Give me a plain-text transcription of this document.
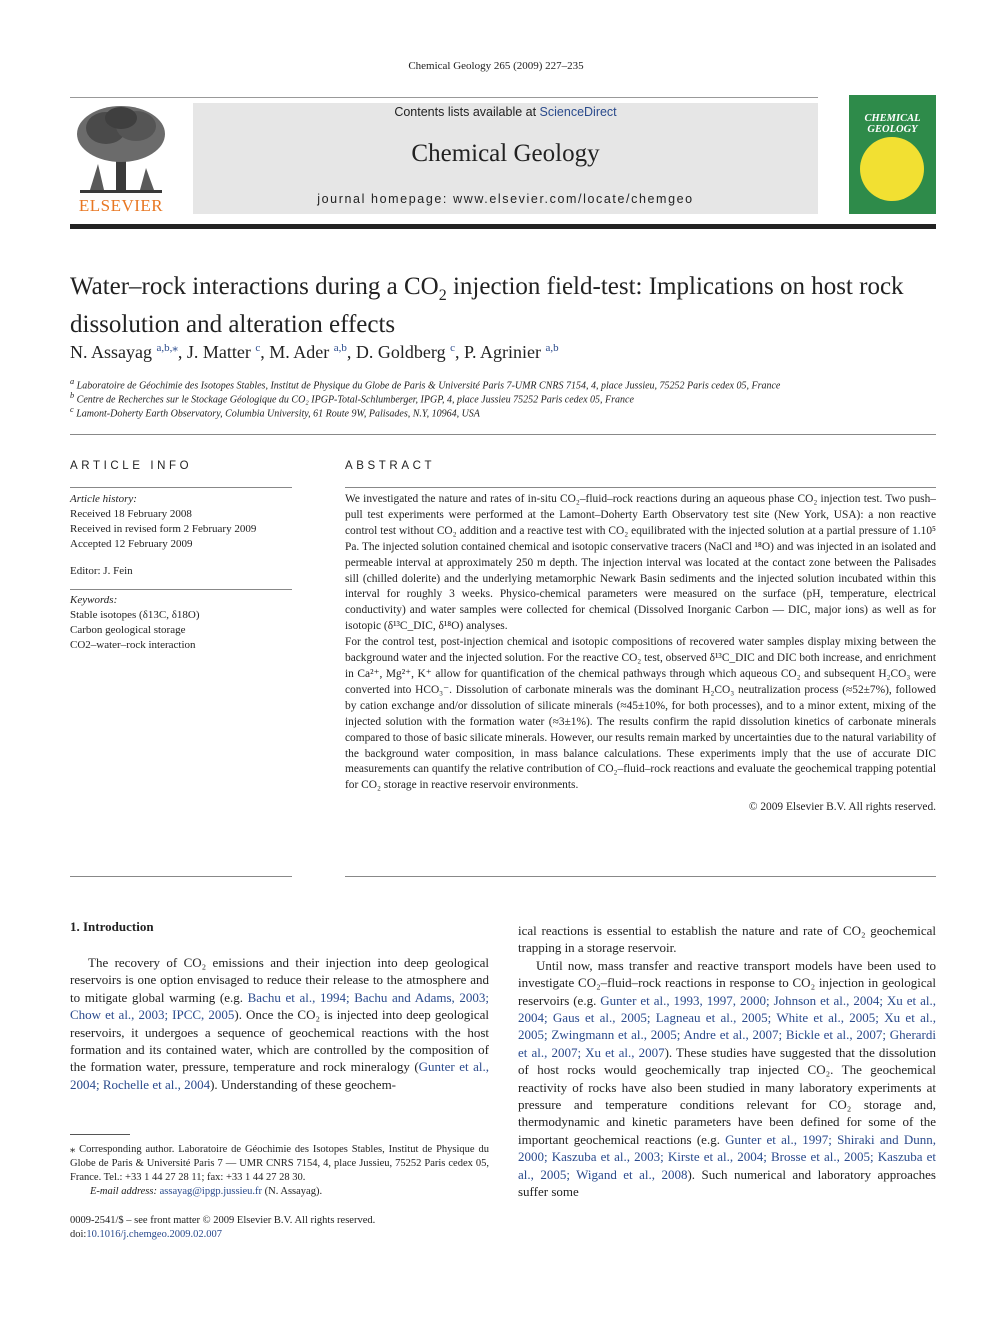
Chemical Geology 265 (2009) 227–235
ELSEVIER
Contents lists available at ScienceDirect
Chemical Geology
journal homepage: www.elsevier.com/locate/chemgeo
CHEMICAL
GEOLOGY
Water–rock interactions during a $CO_2$ injection field-test: Implications on host rock dissolution and alteration effects
N. Assayag $^{a,b,⁎}$, J. Matter $^c$, M. Ader $^{a,b}$, D. Goldberg $^c$, P. Agrinier $^{a,b}$
$^a$ Laboratoire de Géochimie des Isotopes Stables, Institut de Physique du Globe de Paris & Université Paris 7-UMR CNRS 7154, 4, place Jussieu, 75252 Paris cedex 05, France
$^b$ Centre de Recherches sur le Stockage Géologique du CO₂ IPGP-Total-Schlumberger, IPGP, 4, place Jussieu 75252 Paris cedex 05, France
$^c$ Lamont-Doherty Earth Observatory, Columbia University, 61 Route 9W, Palisades, N.Y, 10964, USA
ARTICLE INFO
Article history:
Received 18 February 2008
Received in revised form 2 February 2009
Accepted 12 February 2009
Editor: J. Fein
Keywords:
Stable isotopes (δ13C, δ18O)
Carbon geological storage
CO2–water–rock interaction
ABSTRACT

We investigated the nature and rates of in-situ CO₂–fluid–rock reactions during an aqueous phase CO₂ injection test. Two push–pull test experiments were performed at the Lamont–Doherty Earth Observatory test site (New York, USA): a non reactive control test without CO₂ addition and a reactive test with CO₂ equilibrated with the injected solution at a partial pressure of 1.10⁵ Pa. The injected solution contained chemical and isotopic conservative tracers (NaCl and ¹⁸O) and was injected in an isolated and permeable interval at approximately 250 m depth. The injection interval was located at the contact zone between the Palisades sill (chilled dolerite) and the underlying metamorphic Newark Basin sediments and the injected solution incubated within this interval for roughly 3 weeks. Physico-chemical parameters were measured on the surface (pH, temperature, electrical conductivity) and water samples were collected for chemical (Dissolved Inorganic Carbon — DIC, major ions) as well as for isotopic (δ¹³C_DIC, δ¹⁸O) analyses.

For the control test, post-injection chemical and isotopic compositions of recovered water samples display mixing between the background water and the injected solution. For the reactive CO₂ test, observed δ¹³C_DIC and DIC both increase, and enrichment in Ca²⁺, Mg²⁺, K⁺ allow for quantification of the chemical pathways through which aqueous CO₂ and subsequent H₂CO₃ were converted into HCO₃⁻. Dissolution of carbonate minerals was the dominant H₂CO₃ neutralization process (≈52±7%), followed by cation exchange and/or dissolution of silicate minerals (≈45±10%, for both processes), and to a minor extent, mixing of the injected solution with the formation water (≈3±1%). The results confirm the rapid dissolution kinetics of carbonate minerals compared to those of basic silicate minerals. However, our results remain marked by uncertainties due to the natural variability of the background water composition, in mass balance calculations. These experiments imply that the use of accurate DIC measurements can quantify the relative contribution of CO₂–fluid–rock reactions and evaluate the geochemical trapping potential for CO₂ storage in reactive reservoir environments.

© 2009 Elsevier B.V. All rights reserved.

1. Introduction

The recovery of CO₂ emissions and their injection into deep geological reservoirs is one option envisaged to reduce their release to the atmosphere and to mitigate global warming (e.g. Bachu et al., 1994; Bachu and Adams, 2003; Chow et al., 2003; IPCC, 2005). Once the CO₂ is injected into deep geological reservoirs, it undergoes a sequence of geochemical reactions with the host formation and its contained water, which are controlled by the composition of the formation water, pressure, temperature and rock mineralogy (Gunter et al., 2004; Rochelle et al., 2004). Understanding of these geochem-

⁎ Corresponding author. Laboratoire de Géochimie des Isotopes Stables, Institut de Physique du Globe de Paris & Université Paris 7 — UMR CNRS 7154, 4, place Jussieu, 75252 Paris cedex 05, France. Tel.: +33 1 44 27 28 11; fax: +33 1 44 27 28 30.
E-mail address: assayag@ipgp.jussieu.fr (N. Assayag).
0009-2541/$ – see front matter © 2009 Elsevier B.V. All rights reserved.
doi:10.1016/j.chemgeo.2009.02.007

ical reactions is essential to establish the nature and rate of CO₂ geochemical trapping in a storage reservoir.

Until now, mass transfer and reactive transport models have been used to investigate CO₂–fluid–rock reactions in response to CO₂ injection in geological reservoirs (e.g. Gunter et al., 1993, 1997, 2000; Johnson et al., 2004; Xu et al., 2004; Gaus et al., 2005; Lagneau et al., 2005; White et al., 2005; Xu et al., 2005; Zwingmann et al., 2005; Andre et al., 2007; Bickle et al., 2007; Gherardi et al., 2007; Xu et al., 2007). These studies have suggested that the dissolution of host rocks would geochemically trap injected CO₂. The geochemical reactivity of rocks have also been studied in many laboratory experiments at pressure and temperature conditions relevant for CO₂ storage and, thermodynamic and kinetic parameters have been defined for some of the important geochemical reactions (e.g. Gunter et al., 1997; Shiraki and Dunn, 2000; Kaszuba et al., 2003; Kirste et al., 2004; Brosse et al., 2005; Kaszuba et al., 2005; Wigand et al., 2008). Such numerical and laboratory approaches suffer some
